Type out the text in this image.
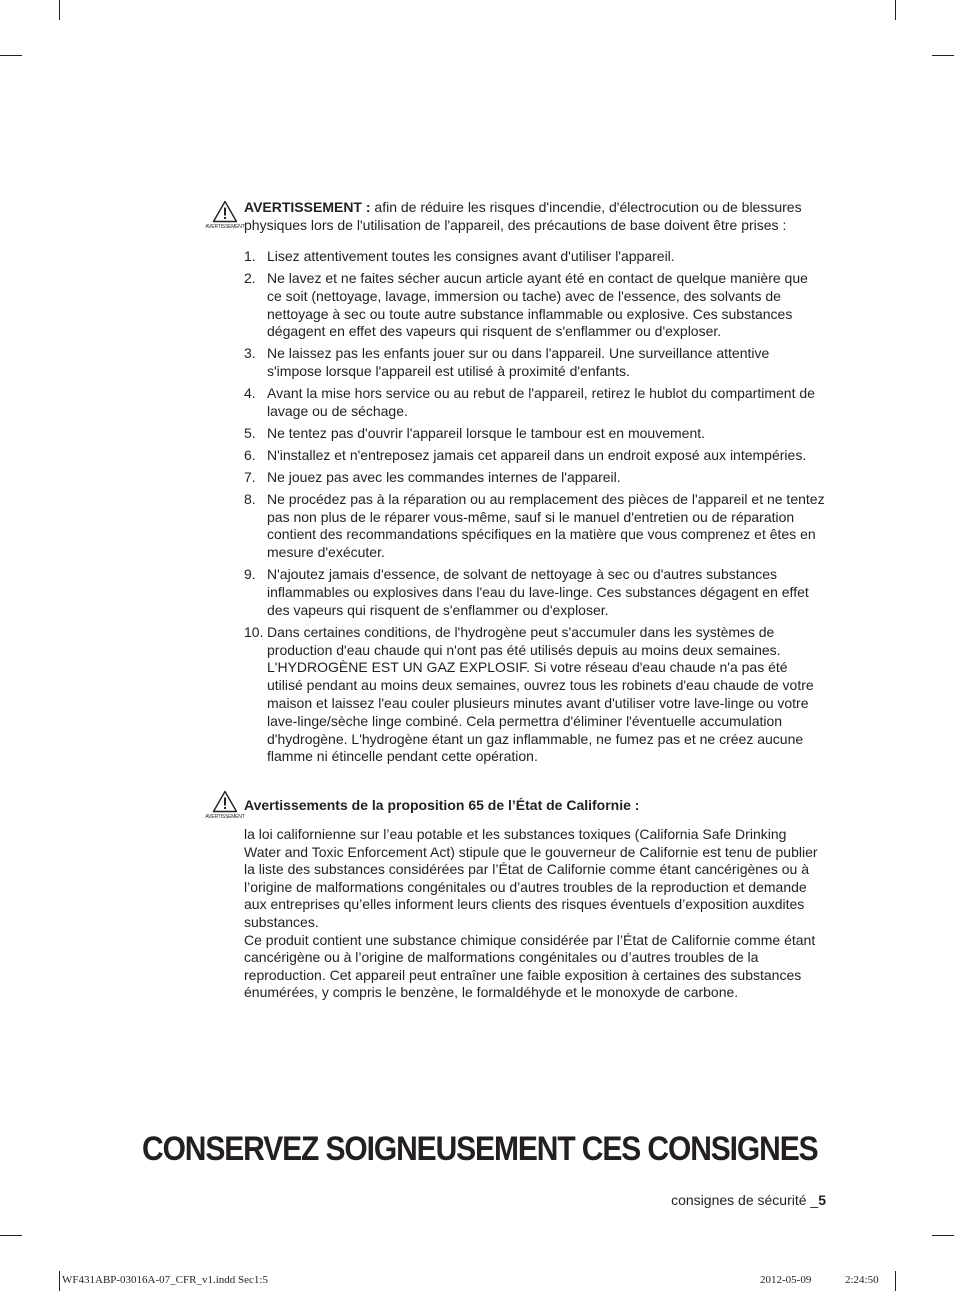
AVERTISSEMENT

AVERTISSEMENT : afin de réduire les risques d'incendie, d'électrocution ou de blessures physiques lors de l'utilisation de l'appareil, des précautions de base doivent être prises :

1. Lisez attentivement toutes les consignes avant d'utiliser l'appareil.
2. Ne lavez et ne faites sécher aucun article ayant été en contact de quelque manière que ce soit (nettoyage, lavage, immersion ou tache) avec de l'essence, des solvants de nettoyage à sec ou toute autre substance inflammable ou explosive. Ces substances dégagent en effet des vapeurs qui risquent de s'enflammer ou d'exploser.
3. Ne laissez pas les enfants jouer sur ou dans l'appareil. Une surveillance attentive s'impose lorsque l'appareil est utilisé à proximité d'enfants.
4. Avant la mise hors service ou au rebut de l'appareil, retirez le hublot du compartiment de lavage ou de séchage.
5. Ne tentez pas d'ouvrir l'appareil lorsque le tambour est en mouvement.
6. N'installez et n'entreposez jamais cet appareil dans un endroit exposé aux intempéries.
7. Ne jouez pas avec les commandes internes de l'appareil.
8. Ne procédez pas à la réparation ou au remplacement des pièces de l'appareil et ne tentez pas non plus de le réparer vous-même, sauf si le manuel d'entretien ou de réparation contient des recommandations spécifiques en la matière que vous comprenez et êtes en mesure d'exécuter.
9. N'ajoutez jamais d'essence, de solvant de nettoyage à sec ou d'autres substances inflammables ou explosives dans l'eau du lave-linge. Ces substances dégagent en effet des vapeurs qui risquent de s'enflammer ou d'exploser.
10. Dans certaines conditions, de l'hydrogène peut s'accumuler dans les systèmes de production d'eau chaude qui n'ont pas été utilisés depuis au moins deux semaines. L'HYDROGÈNE EST UN GAZ EXPLOSIF. Si votre réseau d'eau chaude n'a pas été utilisé pendant au moins deux semaines, ouvrez tous les robinets d'eau chaude de votre maison et laissez l'eau couler plusieurs minutes avant d'utiliser votre lave-linge ou votre lave-linge/sèche linge combiné. Cela permettra d'éliminer l'éventuelle accumulation d'hydrogène. L'hydrogène étant un gaz inflammable, ne fumez pas et ne créez aucune flamme ni étincelle pendant cette opération.
AVERTISSEMENT

Avertissements de la proposition 65 de l’État de Californie :

la loi californienne sur l’eau potable et les substances toxiques (California Safe Drinking Water and Toxic Enforcement Act) stipule que le gouverneur de Californie est tenu de publier la liste des substances considérées par l’État de Californie comme étant cancérigènes ou à l’origine de malformations congénitales ou d’autres troubles de la reproduction et demande aux entreprises qu’elles informent leurs clients des risques éventuels d’exposition auxdites substances.

Ce produit contient une substance chimique considérée par l’État de Californie comme étant cancérigène ou à l’origine de malformations congénitales ou d’autres troubles de la reproduction. Cet appareil peut entraîner une faible exposition à certaines des substances énumérées, y compris le benzène, le formaldéhyde et le monoxyde de carbone.

CONSERVEZ SOIGNEUSEMENT CES CONSIGNES
consignes de sécurité _5
WF431ABP-03016A-07_CFR_v1.indd Sec1:5	2012-05-09	2:24:50
